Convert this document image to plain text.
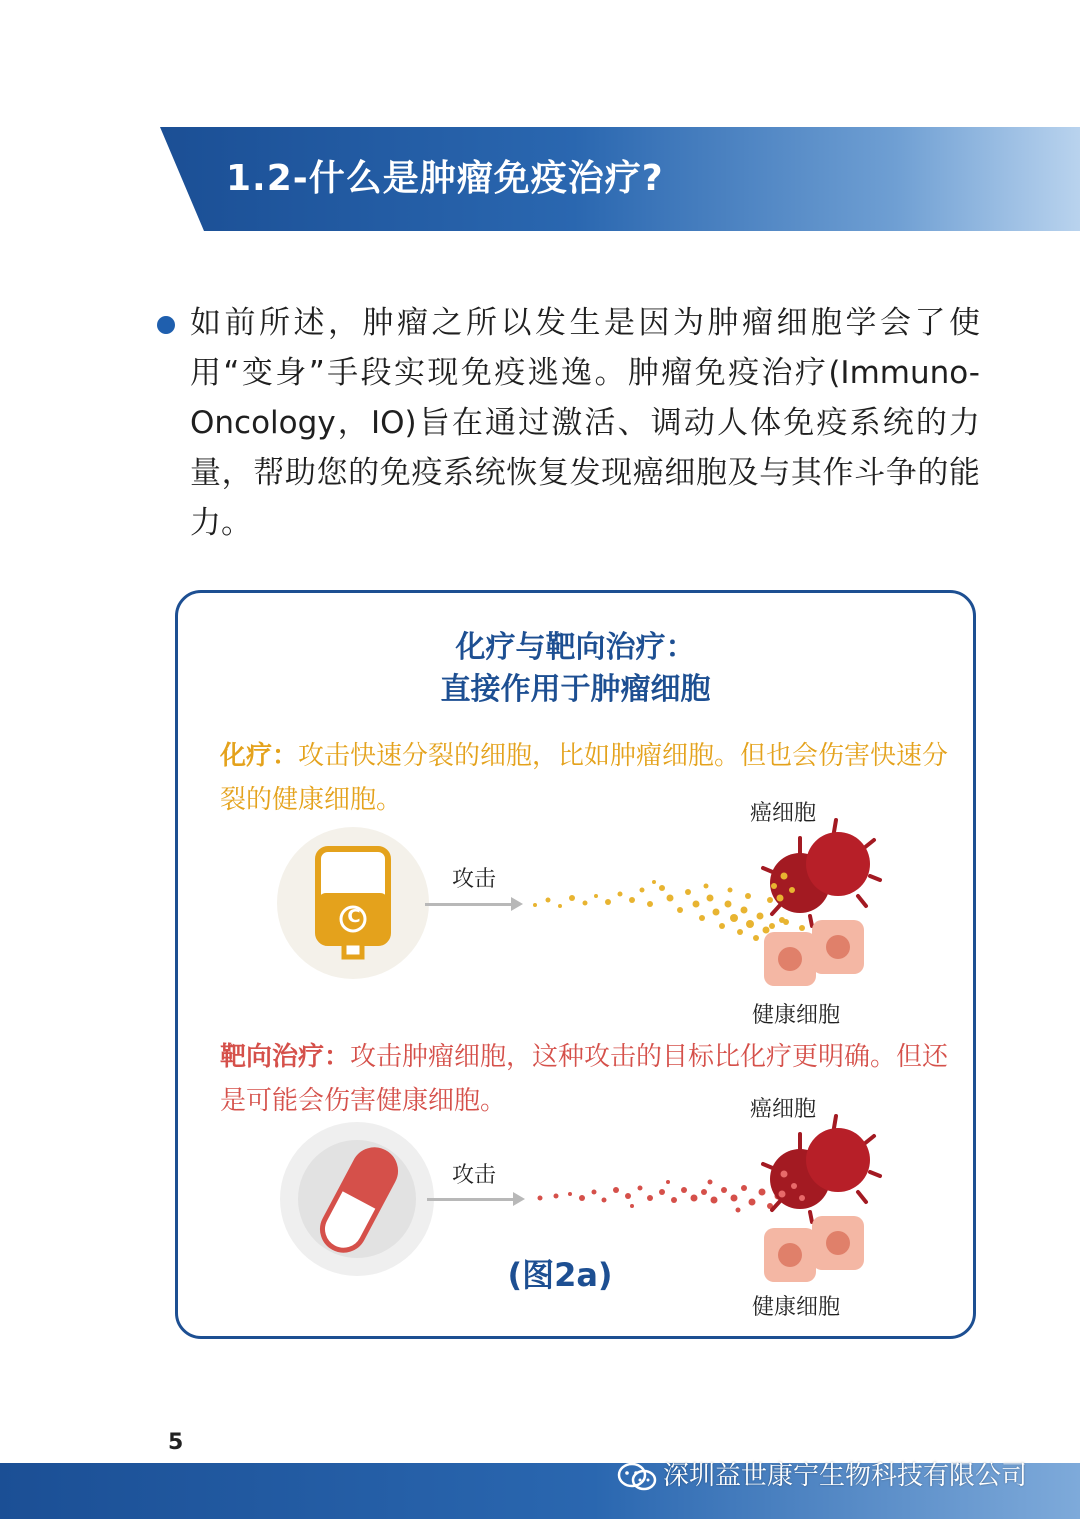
1.2-什么是肿瘤免疫治疗?

如前所述，肿瘤之所以发生是因为肿瘤细胞学会了使用“变身”手段实现免疫逃逸。肿瘤免疫治疗(Immuno-Oncology，IO)旨在通过激活、调动人体免疫系统的力量，帮助您的免疫系统恢复发现癌细胞及与其作斗争的能力。

化疗与靶向治疗：
直接作用于肿瘤细胞

化疗：攻击快速分裂的细胞，比如肿瘤细胞。但也会伤害快速分裂的健康细胞。

C
攻击
癌细胞
健康细胞

靶向治疗：攻击肿瘤细胞，这种攻击的目标比化疗更明确。但还是可能会伤害健康细胞。

攻击
癌细胞
健康细胞
(图2a)
5
深圳益世康宁生物科技有限公司
